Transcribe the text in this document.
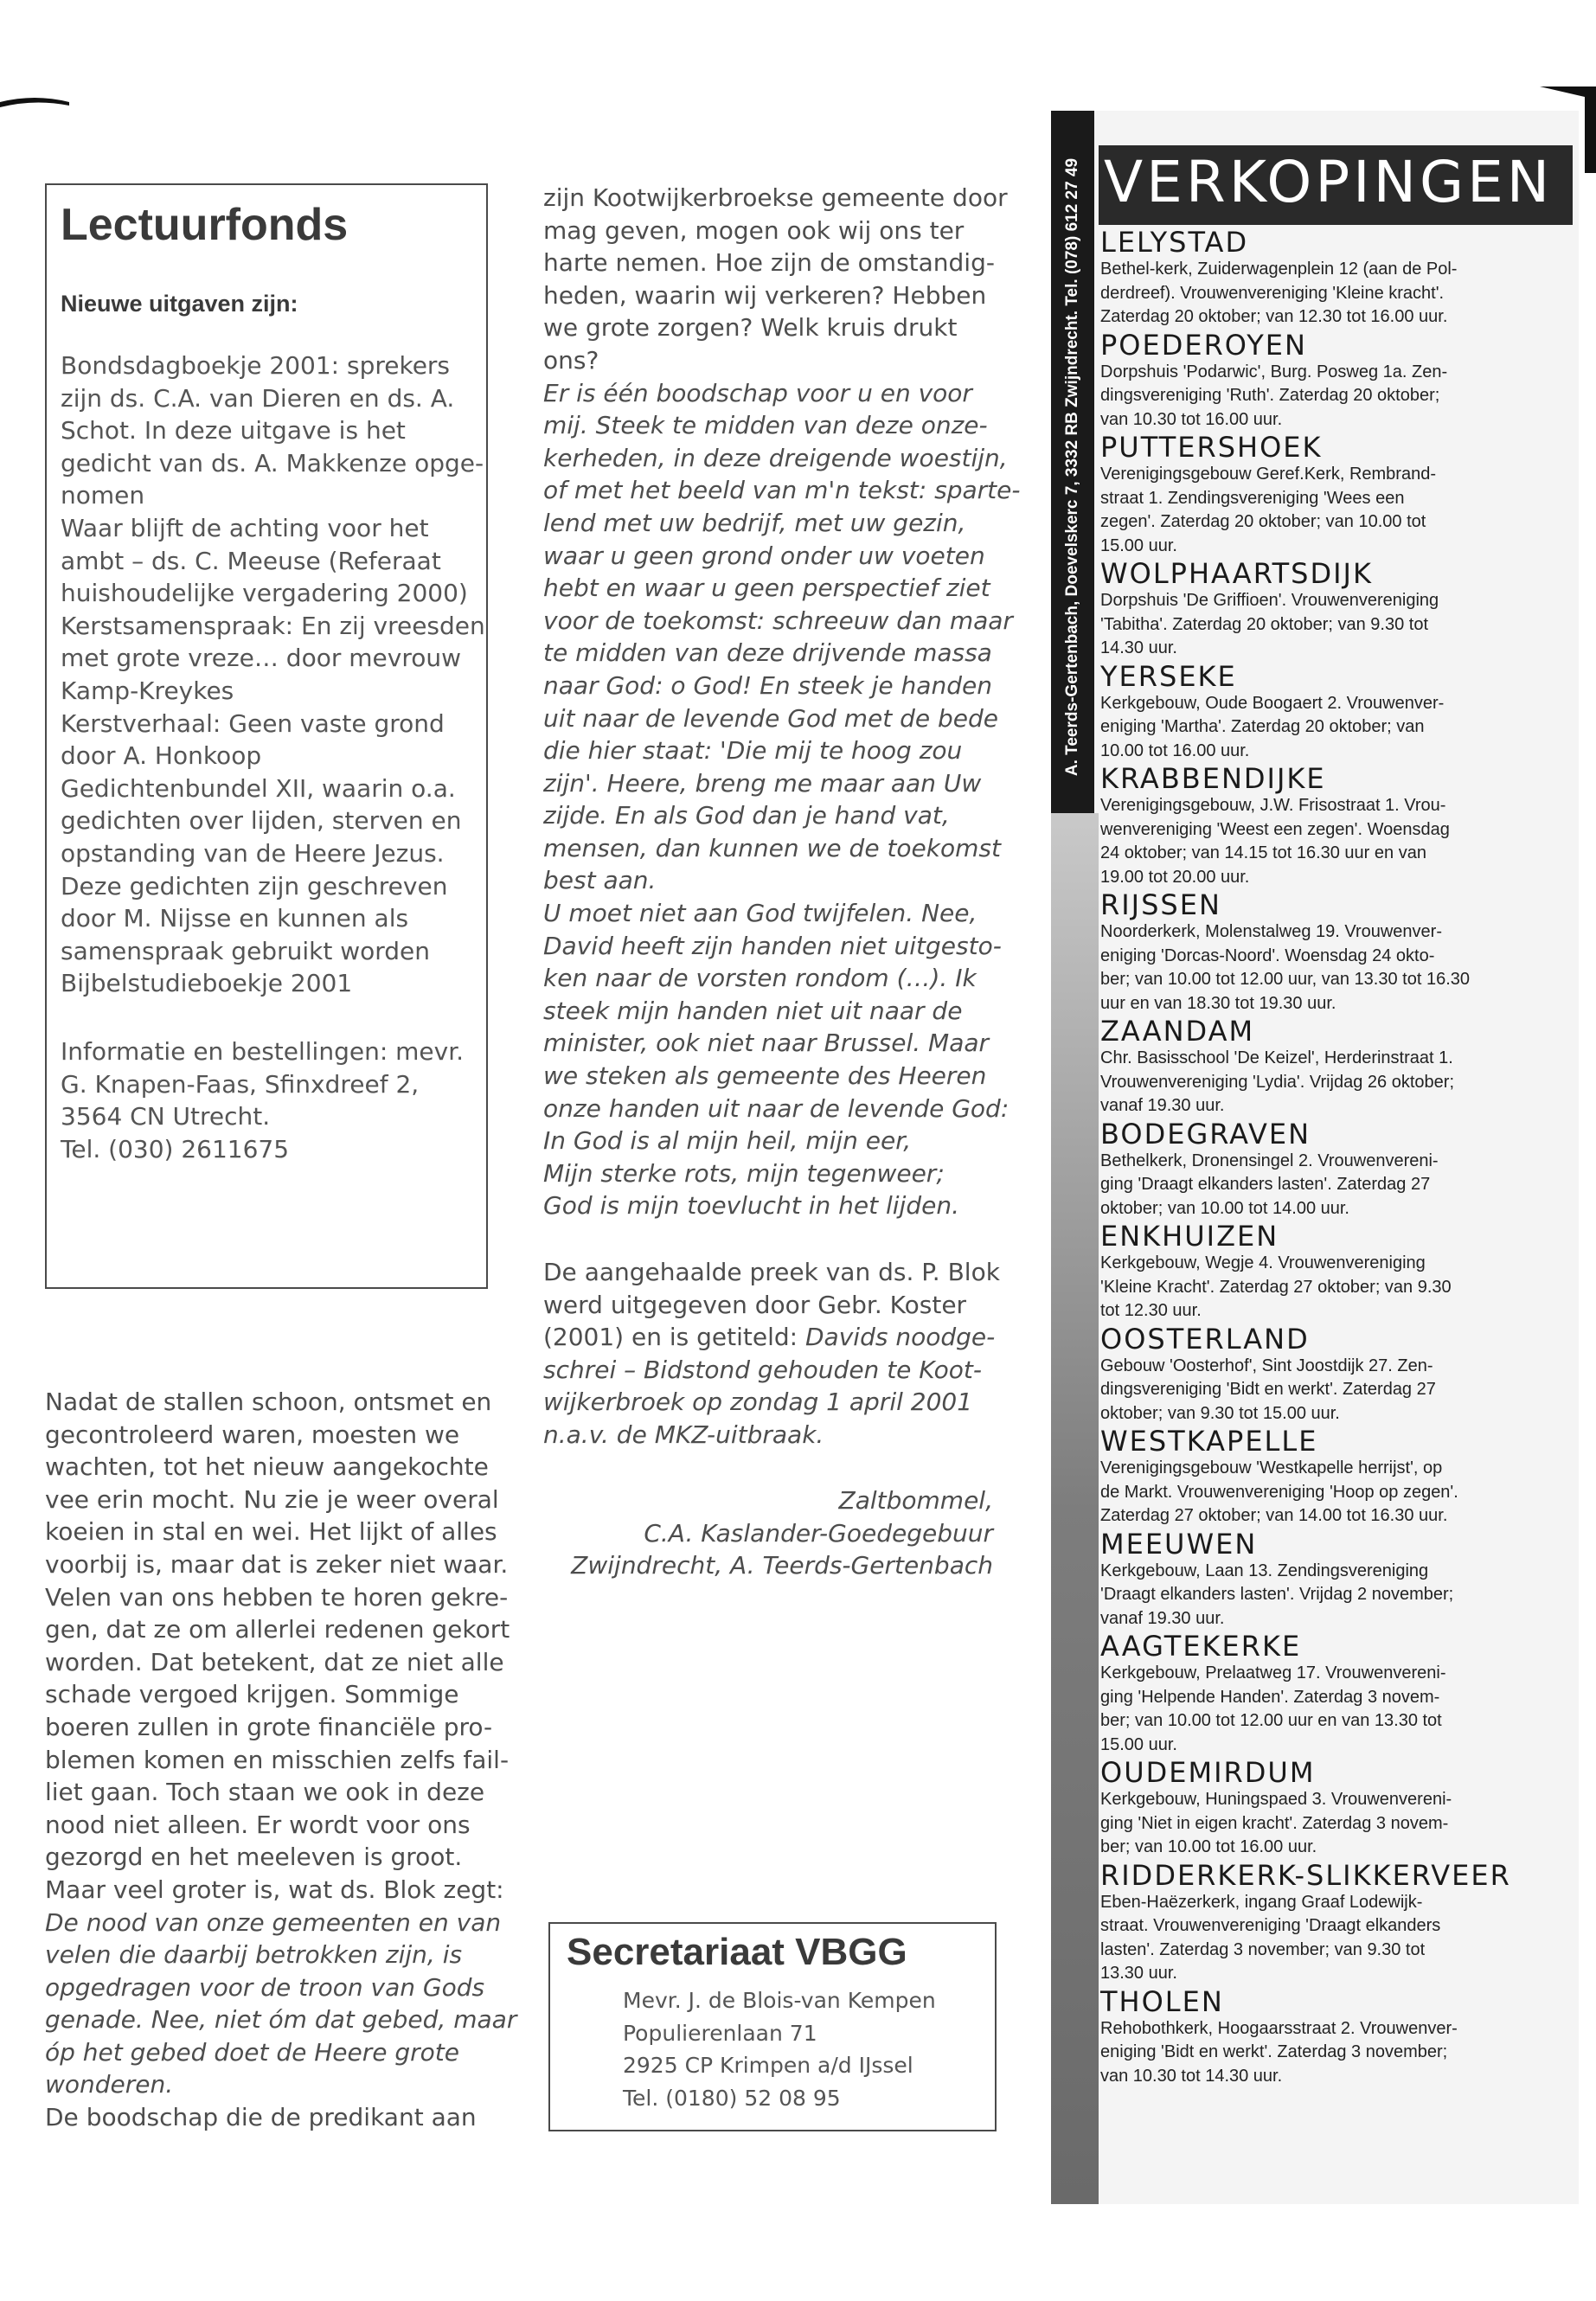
Lectuurfonds

Nieuwe uitgaven zijn:

Bondsdagboekje 2001: sprekers
zijn ds. C.A. van Dieren en ds. A.
Schot. In deze uitgave is het
gedicht van ds. A. Makkenze opge-
nomen
Waar blijft de achting voor het
ambt – ds. C. Meeuse (Referaat
huishoudelijke vergadering 2000)
Kerstsamenspraak: En zij vreesden
met grote vreze… door mevrouw
Kamp-Kreykes
Kerstverhaal: Geen vaste grond
door A. Honkoop
Gedichtenbundel XII, waarin o.a.
gedichten over lijden, sterven en
opstanding van de Heere Jezus.
Deze gedichten zijn geschreven
door M. Nijsse en kunnen als
samenspraak gebruikt worden
Bijbelstudieboekje 2001
Informatie en bestellingen: mevr.
G. Knapen-Faas, Sfinxdreef 2,
3564 CN Utrecht.
Tel. (030) 2611675
Nadat de stallen schoon, ontsmet en
gecontroleerd waren, moesten we
wachten, tot het nieuw aangekochte
vee erin mocht. Nu zie je weer overal
koeien in stal en wei. Het lijkt of alles
voorbij is, maar dat is zeker niet waar.
Velen van ons hebben te horen gekre-
gen, dat ze om allerlei redenen gekort
worden. Dat betekent, dat ze niet alle
schade vergoed krijgen. Sommige
boeren zullen in grote financiële pro-
blemen komen en misschien zelfs fail-
liet gaan. Toch staan we ook in deze
nood niet alleen. Er wordt voor ons
gezorgd en het meeleven is groot.
Maar veel groter is, wat ds. Blok zegt:
De nood van onze gemeenten en van
velen die daarbij betrokken zijn, is
opgedragen voor de troon van Gods
genade. Nee, niet óm dat gebed, maar
óp het gebed doet de Heere grote
wonderen.
De boodschap die de predikant aan
zijn Kootwijkerbroekse gemeente door
mag geven, mogen ook wij ons ter
harte nemen. Hoe zijn de omstandig-
heden, waarin wij verkeren? Hebben
we grote zorgen? Welk kruis drukt
ons?
Er is één boodschap voor u en voor
mij. Steek te midden van deze onze-
kerheden, in deze dreigende woestijn,
of met het beeld van m'n tekst: sparte-
lend met uw bedrijf, met uw gezin,
waar u geen grond onder uw voeten
hebt en waar u geen perspectief ziet
voor de toekomst: schreeuw dan maar
te midden van deze drijvende massa
naar God: o God! En steek je handen
uit naar de levende God met de bede
die hier staat: 'Die mij te hoog zou
zijn'. Heere, breng me maar aan Uw
zijde. En als God dan je hand vat,
mensen, dan kunnen we de toekomst
best aan.
U moet niet aan God twijfelen. Nee,
David heeft zijn handen niet uitgesto-
ken naar de vorsten rondom (…). Ik
steek mijn handen niet uit naar de
minister, ook niet naar Brussel. Maar
we steken als gemeente des Heeren
onze handen uit naar de levende God:
In God is al mijn heil, mijn eer,
Mijn sterke rots, mijn tegenweer;
God is mijn toevlucht in het lijden.
De aangehaalde preek van ds. P. Blok
werd uitgegeven door Gebr. Koster
(2001) en is getiteld: Davids noodge-
schrei – Bidstond gehouden te Koot-
wijkerbroek op zondag 1 april 2001
n.a.v. de MKZ-uitbraak.
Zaltbommel,
C.A. Kaslander-Goedegebuur
Zwijndrecht, A. Teerds-Gertenbach
Secretariaat VBGG
Mevr. J. de Blois-van Kempen
Populierenlaan 71
2925 CP Krimpen a/d IJssel
Tel. (0180) 52 08 95
A. Teerds-Gertenbach, Doevelskerc 7, 3332 RB Zwijndrecht. Tel. (078) 612 27 49 VERKOPINGEN
LELYSTAD
Bethel-kerk, Zuiderwagenplein 12 (aan de Pol-
derdreef). Vrouwenvereniging 'Kleine kracht'.
Zaterdag 20 oktober; van 12.30 tot 16.00 uur.
POEDEROYEN
Dorpshuis 'Podarwic', Burg. Posweg 1a. Zen-
dingsvereniging 'Ruth'. Zaterdag 20 oktober;
van 10.30 tot 16.00 uur.
PUTTERSHOEK
Verenigingsgebouw Geref.Kerk, Rembrand-
straat 1. Zendingsvereniging 'Wees een
zegen'. Zaterdag 20 oktober; van 10.00 tot
15.00 uur.
WOLPHAARTSDIJK
Dorpshuis 'De Griffioen'. Vrouwenvereniging
'Tabitha'. Zaterdag 20 oktober; van 9.30 tot
14.30 uur.
YERSEKE
Kerkgebouw, Oude Boogaert 2. Vrouwenver-
eniging 'Martha'. Zaterdag 20 oktober; van
10.00 tot 16.00 uur.
KRABBENDIJKE
Verenigingsgebouw, J.W. Frisostraat 1. Vrou-
wenvereniging 'Weest een zegen'. Woensdag
24 oktober; van 14.15 tot 16.30 uur en van
19.00 tot 20.00 uur.
RIJSSEN
Noorderkerk, Molenstalweg 19. Vrouwenver-
eniging 'Dorcas-Noord'. Woensdag 24 okto-
ber; van 10.00 tot 12.00 uur, van 13.30 tot 16.30
uur en van 18.30 tot 19.30 uur.
ZAANDAM
Chr. Basisschool 'De Keizel', Herderinstraat 1.
Vrouwenvereniging 'Lydia'. Vrijdag 26 oktober;
vanaf 19.30 uur.
BODEGRAVEN
Bethelkerk, Dronensingel 2. Vrouwenvereni-
ging 'Draagt elkanders lasten'. Zaterdag 27
oktober; van 10.00 tot 14.00 uur.
ENKHUIZEN
Kerkgebouw, Wegje 4. Vrouwenvereniging
'Kleine Kracht'. Zaterdag 27 oktober; van 9.30
tot 12.30 uur.
OOSTERLAND
Gebouw 'Oosterhof', Sint Joostdijk 27. Zen-
dingsvereniging 'Bidt en werkt'. Zaterdag 27
oktober; van 9.30 tot 15.00 uur.
WESTKAPELLE
Verenigingsgebouw 'Westkapelle herrijst', op
de Markt. Vrouwenvereniging 'Hoop op zegen'.
Zaterdag 27 oktober; van 14.00 tot 16.30 uur.
MEEUWEN
Kerkgebouw, Laan 13. Zendingsvereniging
'Draagt elkanders lasten'. Vrijdag 2 november;
vanaf 19.30 uur.
AAGTEKERKE
Kerkgebouw, Prelaatweg 17. Vrouwenvereni-
ging 'Helpende Handen'. Zaterdag 3 novem-
ber; van 10.00 tot 12.00 uur en van 13.30 tot
15.00 uur.
OUDEMIRDUM
Kerkgebouw, Huningspaed 3. Vrouwenvereni-
ging 'Niet in eigen kracht'. Zaterdag 3 novem-
ber; van 10.00 tot 16.00 uur.
RIDDERKERK-SLIKKERVEER
Eben-Haëzerkerk, ingang Graaf Lodewijk-
straat. Vrouwenvereniging 'Draagt elkanders
lasten'. Zaterdag 3 november; van 9.30 tot
13.30 uur.
THOLEN
Rehobothkerk, Hoogaarsstraat 2. Vrouwenver-
eniging 'Bidt en werkt'. Zaterdag 3 november;
van 10.30 tot 14.30 uur.
